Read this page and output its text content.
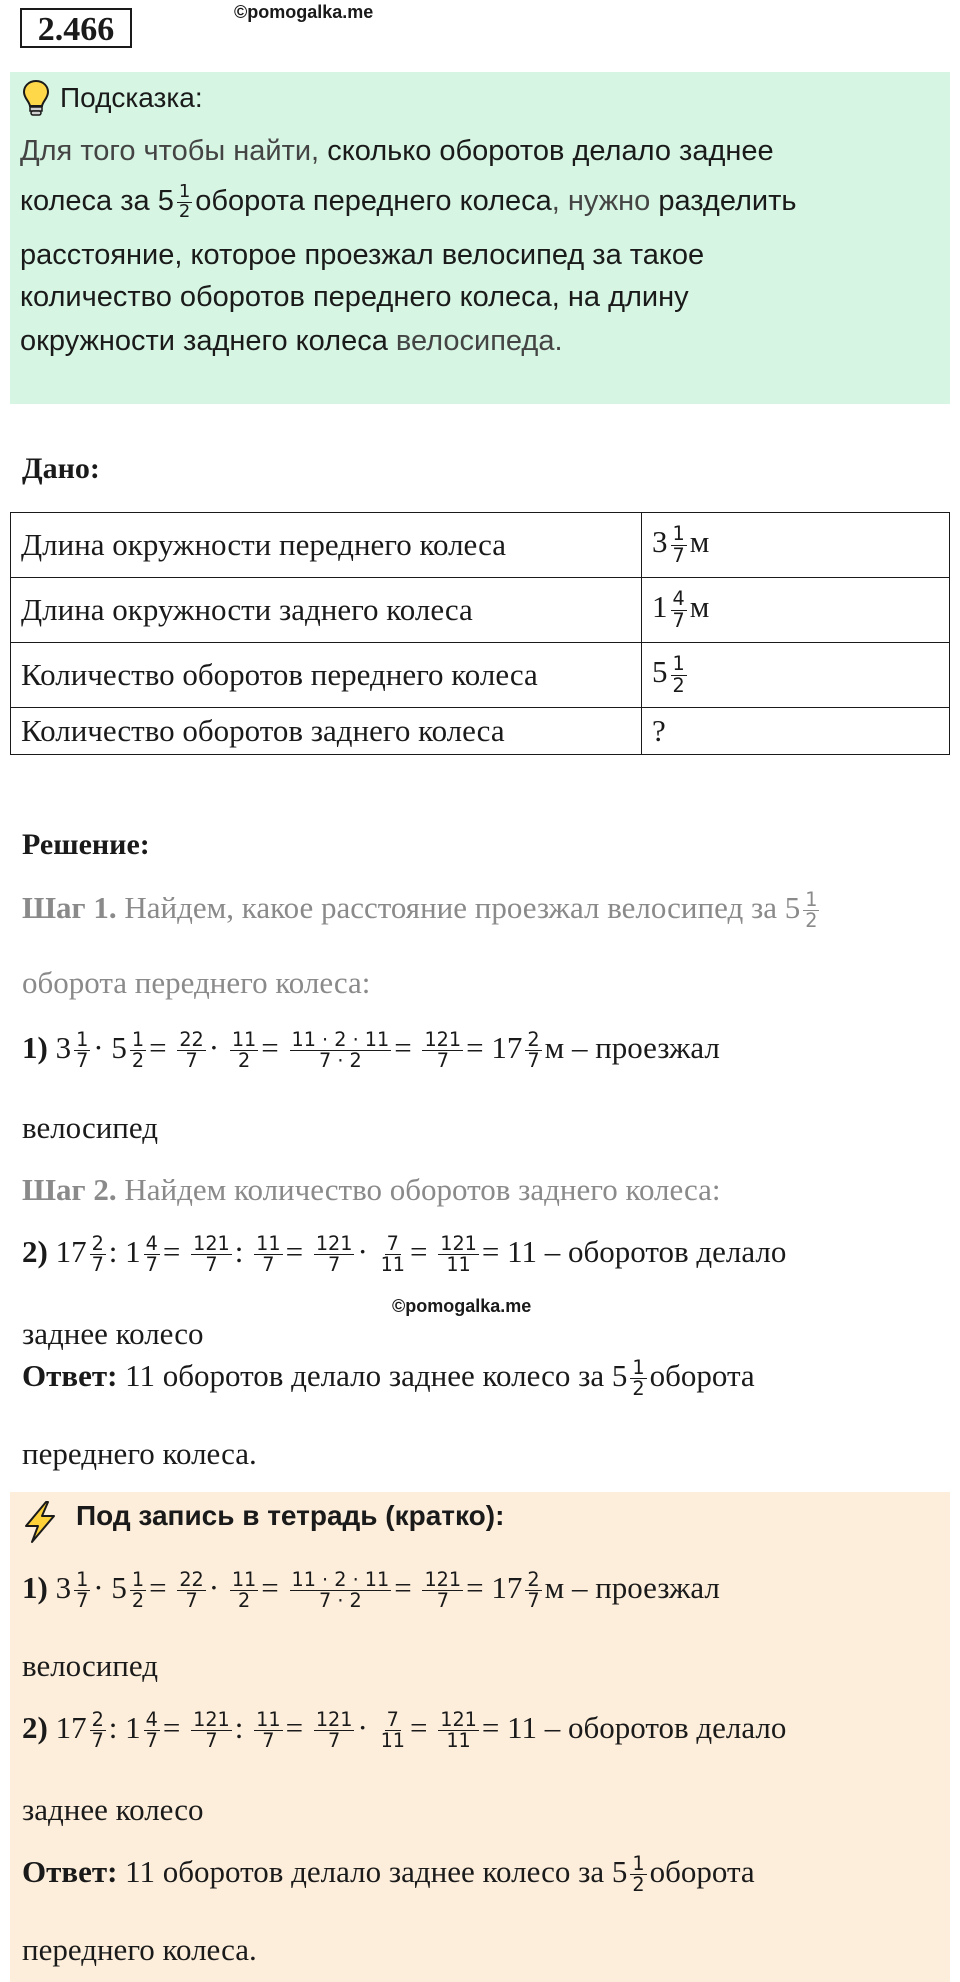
2.466	©pomogalka.me
Подсказка:
Для того чтобы найти, сколько оборотов делало заднее
колеса за $5 \frac{1}{2}$ оборота переднего колеса, нужно разделить
расстояние, которое проезжал велосипед за такое
количество оборотов переднего колеса, на длину
окружности заднего колеса велосипеда.
Дано:
Длина окружности переднего колеса	$3 \frac{1}{7}$ м
Длина окружности заднего колеса	$1 \frac{4}{7}$ м
Количество оборотов переднего колеса	$5 \frac{1}{2}$

Количество оборотов заднего колеса	?
Решение:
Шаг 1. Найдем, какое расстояние проезжал велосипед за $5 \frac{1}{2}$
оборота переднего колеса:
1) $3 \frac{1}{7} \cdot 5 \frac{1}{2} = \frac{22}{7} \cdot \frac{11}{2} = \frac{11 \cdot 2 \cdot 11}{7 \cdot 2} = \frac{121}{7} = 17 \frac{2}{7}$ м – проезжал
велосипед
Шаг 2. Найдем количество оборотов заднего колеса:
2) $17 \frac{2}{7}$ : $1 \frac{4}{7} = \frac{121}{7}$ : $\frac{11}{7} = \frac{121}{7} \cdot \frac{7}{11} = \frac{121}{11} = 11$ – оборотов делало
©pomogalka.me
заднее колесо
Ответ: 11 оборотов делало заднее колесо за $5 \frac{1}{2}$ оборота
переднего колеса.
Под запись в тетрадь (кратко):
1) $3 \frac{1}{7} \cdot 5 \frac{1}{2} = \frac{22}{7} \cdot \frac{11}{2} = \frac{11 \cdot 2 \cdot 11}{7 \cdot 2} = \frac{121}{7} = 17 \frac{2}{7}$ м – проезжал
велосипед
2) $17 \frac{2}{7}$ : $1 \frac{4}{7} = \frac{121}{7}$ : $\frac{11}{7} = \frac{121}{7} \cdot \frac{7}{11} = \frac{121}{11} = 11$ – оборотов делало
заднее колесо
Ответ: 11 оборотов делало заднее колесо за $5 \frac{1}{2}$ оборота
переднего колеса.
